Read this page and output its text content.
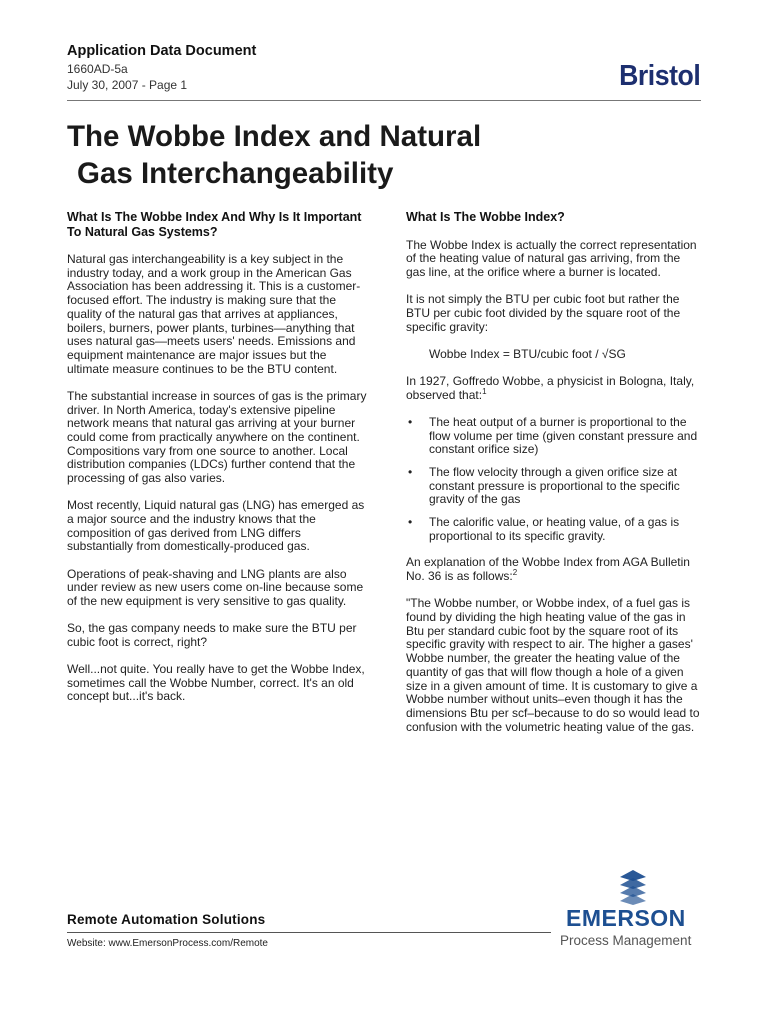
Application Data Document
1660AD-5a
July 30, 2007 - Page 1	Bristol
The Wobbe Index and Natural
Gas Interchangeability
What Is The Wobbe Index And Why Is It Important To Natural Gas Systems?

Natural gas interchangeability is a key subject in the industry today, and a work group in the American Gas Association has been addressing it. This is a customer-focused effort. The industry is making sure that the quality of the natural gas that arrives at appliances, boilers, burners, power plants, turbines—anything that uses natural gas—meets users' needs. Emissions and equipment maintenance are major issues but the ultimate measure continues to be the BTU content.

The substantial increase in sources of gas is the primary driver. In North America, today's extensive pipeline network means that natural gas arriving at your burner could come from practically anywhere on the continent. Compositions vary from one source to another. Local distribution companies (LDCs) further contend that the processing of gas also varies.

Most recently, Liquid natural gas (LNG) has emerged as a major source and the industry knows that the composition of gas derived from LNG differs substantially from domestically-produced gas.

Operations of peak-shaving and LNG plants are also under review as new users come on-line because some of the new equipment is very sensitive to gas quality.

So, the gas company needs to make sure the BTU per cubic foot is correct, right?

Well...not quite. You really have to get the Wobbe Index, sometimes call the Wobbe Number, correct. It's an old concept but...it's back.

What Is The Wobbe Index?

The Wobbe Index is actually the correct representation of the heating value of natural gas arriving, from the gas line, at the orifice where a burner is located.

It is not simply the BTU per cubic foot but rather the BTU per cubic foot divided by the square root of the specific gravity:

Wobbe Index = BTU/cubic foot / √SG

In 1927, Goffredo Wobbe, a physicist in Bologna, Italy, observed that:$^1$

• The heat output of a burner is proportional to the flow volume per time (given constant pressure and constant orifice size)
• The flow velocity through a given orifice size at constant pressure is proportional to the specific gravity of the gas
• The calorific value, or heating value, of a gas is proportional to its specific gravity.

An explanation of the Wobbe Index from AGA Bulletin No. 36 is as follows:$^2$

"The Wobbe number, or Wobbe index, of a fuel gas is found by dividing the high heating value of the gas in Btu per standard cubic foot by the square root of its specific gravity with respect to air. The higher a gases' Wobbe number, the greater the heating value of the quantity of gas that will flow though a hole of a given size in a given amount of time. It is customary to give a Wobbe number without units–even though it has the dimensions Btu per scf–because to do so would lead to confusion with the volumetric heating value of the gas.

Remote Automation Solutions
Website: www.EmersonProcess.com/Remote
EMERSON
Process Management
